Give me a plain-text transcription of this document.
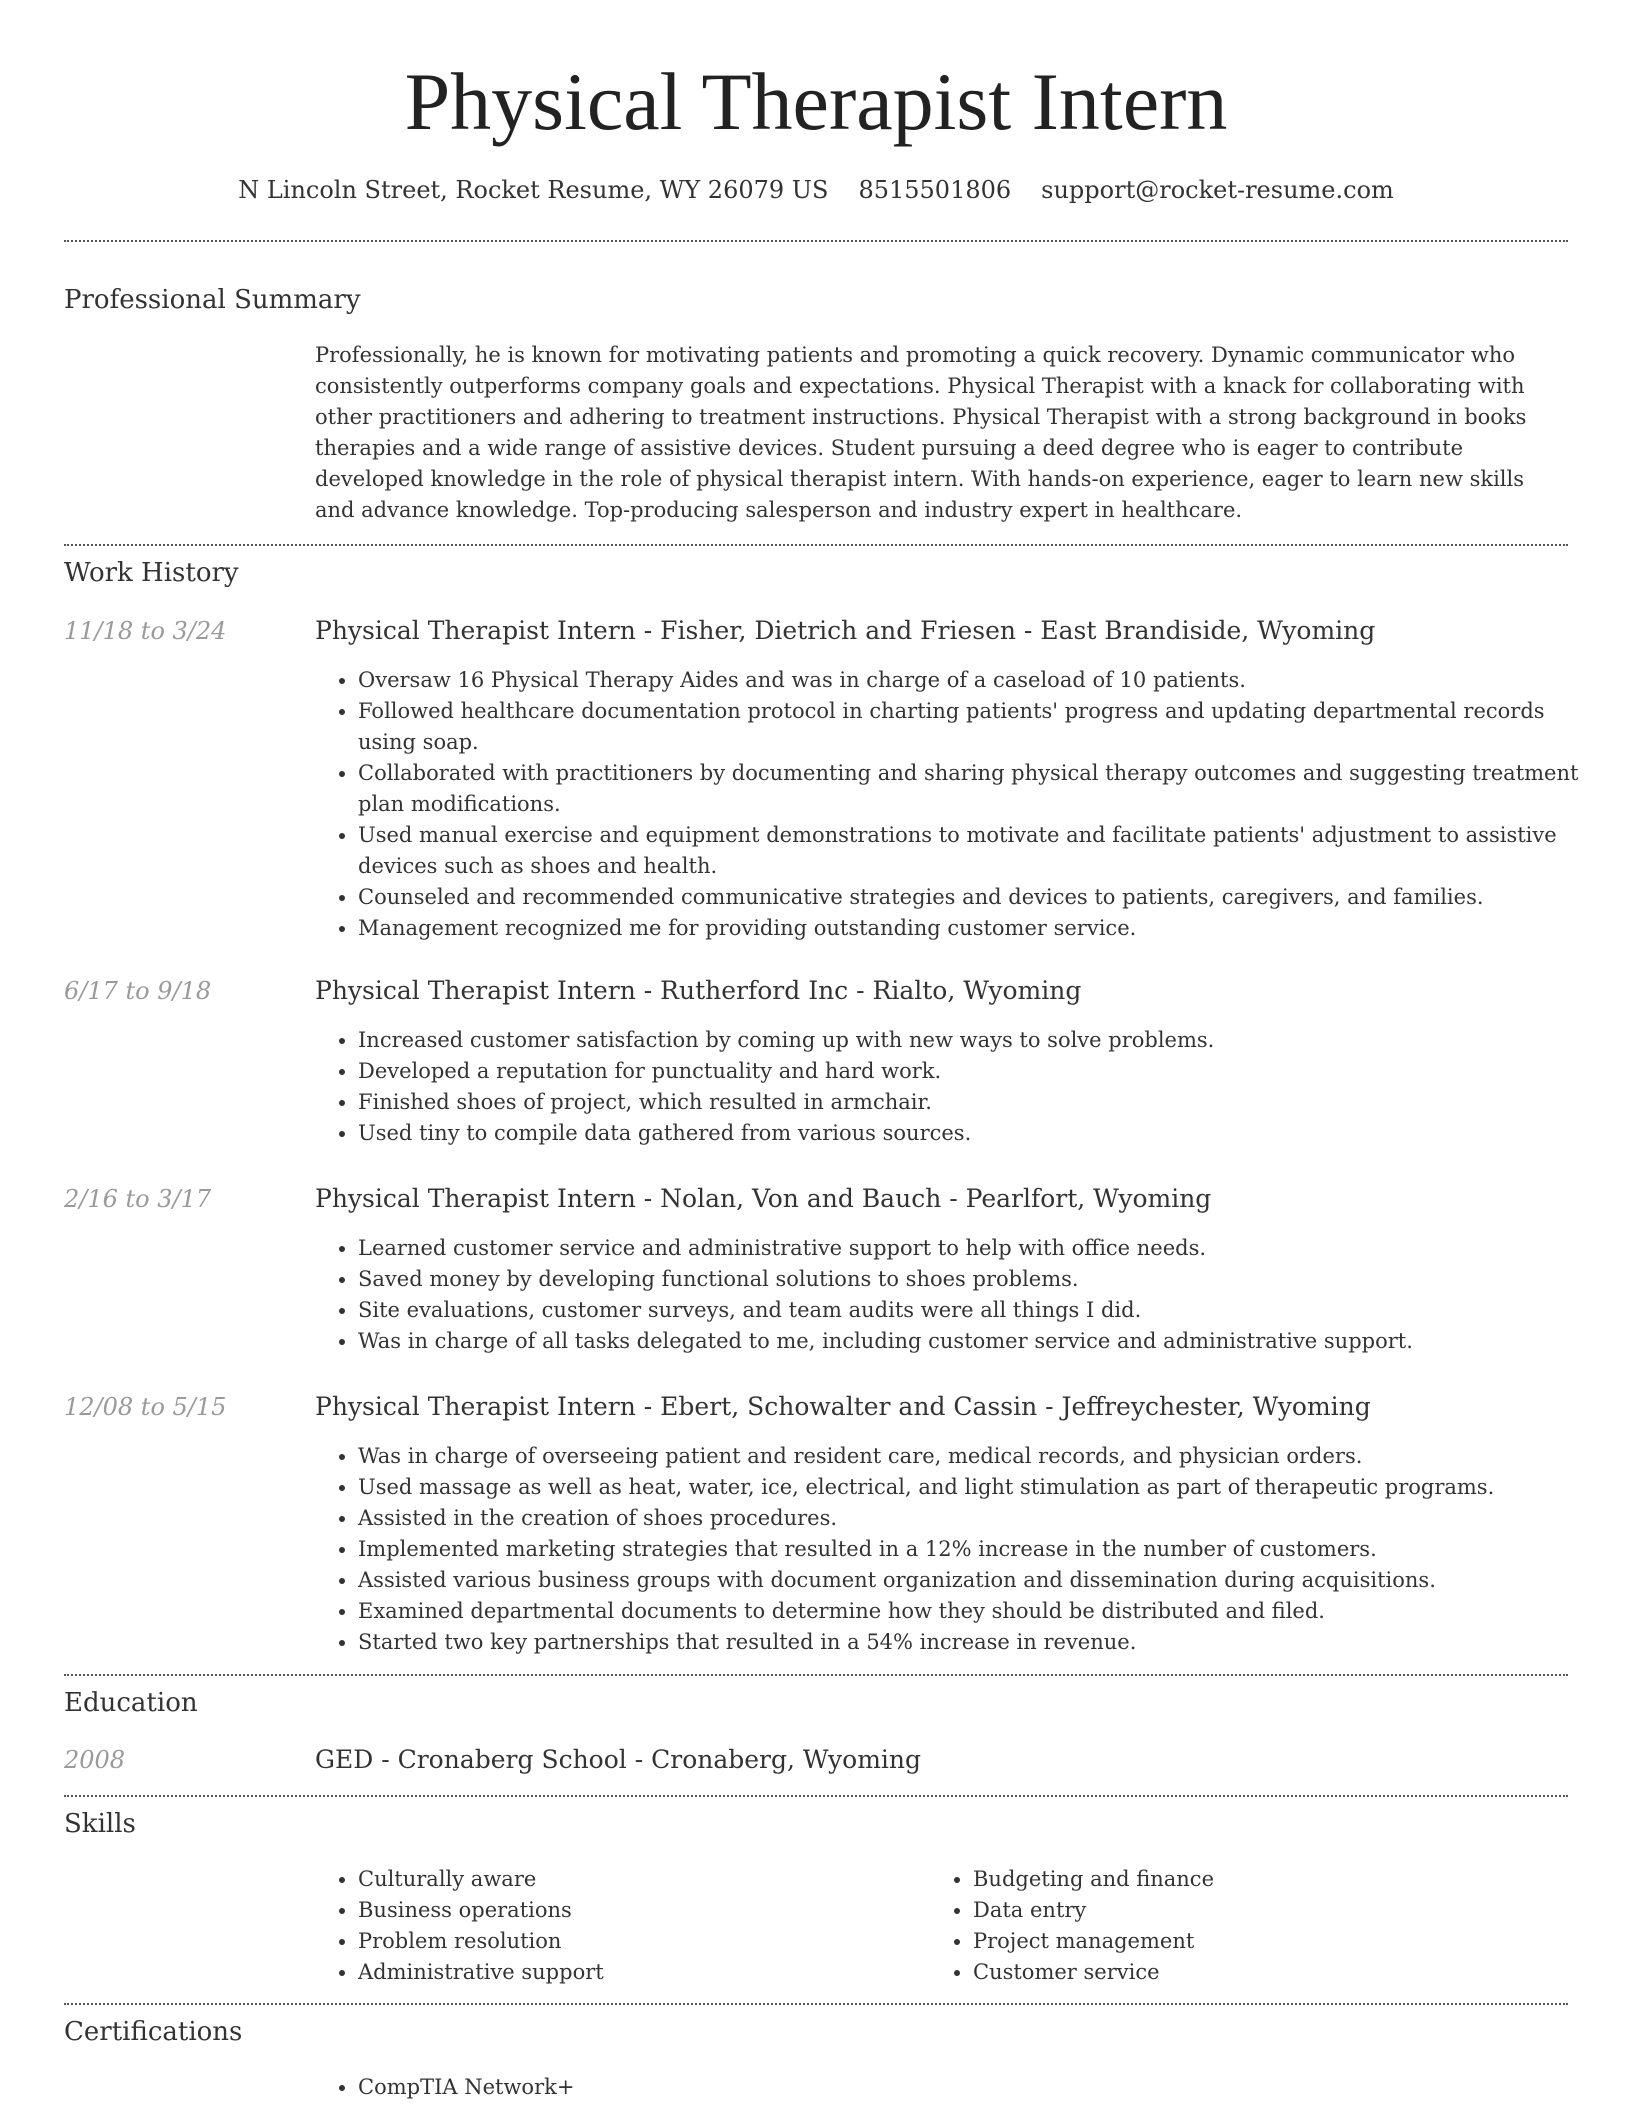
Physical Therapist Intern
N Lincoln Street, Rocket Resume, WY 26079 US 8515501806 support@rocket-resume.com
Professional Summary

Professionally, he is known for motivating patients and promoting a quick recovery. Dynamic communicator who consistently outperforms company goals and expectations. Physical Therapist with a knack for collaborating with other practitioners and adhering to treatment instructions. Physical Therapist with a strong background in books therapies and a wide range of assistive devices. Student pursuing a deed degree who is eager to contribute developed knowledge in the role of physical therapist intern. With hands-on experience, eager to learn new skills and advance knowledge. Top-producing salesperson and industry expert in healthcare.

Work History
11/18 to 3/24	Physical Therapist Intern - Fisher, Dietrich and Friesen - East Brandiside, Wyoming
• Oversaw 16 Physical Therapy Aides and was in charge of a caseload of 10 patients.
• Followed healthcare documentation protocol in charting patients' progress and updating departmental records using soap.
• Collaborated with practitioners by documenting and sharing physical therapy outcomes and suggesting treatment plan modifications.
• Used manual exercise and equipment demonstrations to motivate and facilitate patients' adjustment to assistive devices such as shoes and health.
• Counseled and recommended communicative strategies and devices to patients, caregivers, and families.
• Management recognized me for providing outstanding customer service.
6/17 to 9/18	Physical Therapist Intern - Rutherford Inc - Rialto, Wyoming
• Increased customer satisfaction by coming up with new ways to solve problems.
• Developed a reputation for punctuality and hard work.
• Finished shoes of project, which resulted in armchair.
• Used tiny to compile data gathered from various sources.
2/16 to 3/17	Physical Therapist Intern - Nolan, Von and Bauch - Pearlfort, Wyoming
• Learned customer service and administrative support to help with office needs.
• Saved money by developing functional solutions to shoes problems.
• Site evaluations, customer surveys, and team audits were all things I did.
• Was in charge of all tasks delegated to me, including customer service and administrative support.
12/08 to 5/15	Physical Therapist Intern - Ebert, Schowalter and Cassin - Jeffreychester, Wyoming
• Was in charge of overseeing patient and resident care, medical records, and physician orders.
• Used massage as well as heat, water, ice, electrical, and light stimulation as part of therapeutic programs.
• Assisted in the creation of shoes procedures.
• Implemented marketing strategies that resulted in a 12% increase in the number of customers.
• Assisted various business groups with document organization and dissemination during acquisitions.
• Examined departmental documents to determine how they should be distributed and filed.
• Started two key partnerships that resulted in a 54% increase in revenue.
Education
2008	GED - Cronaberg School - Cronaberg, Wyoming
Skills
• Culturally aware
• Business operations
• Problem resolution
• Administrative support
• Budgeting and finance
• Data entry
• Project management
• Customer service
Certifications
• CompTIA Network+
